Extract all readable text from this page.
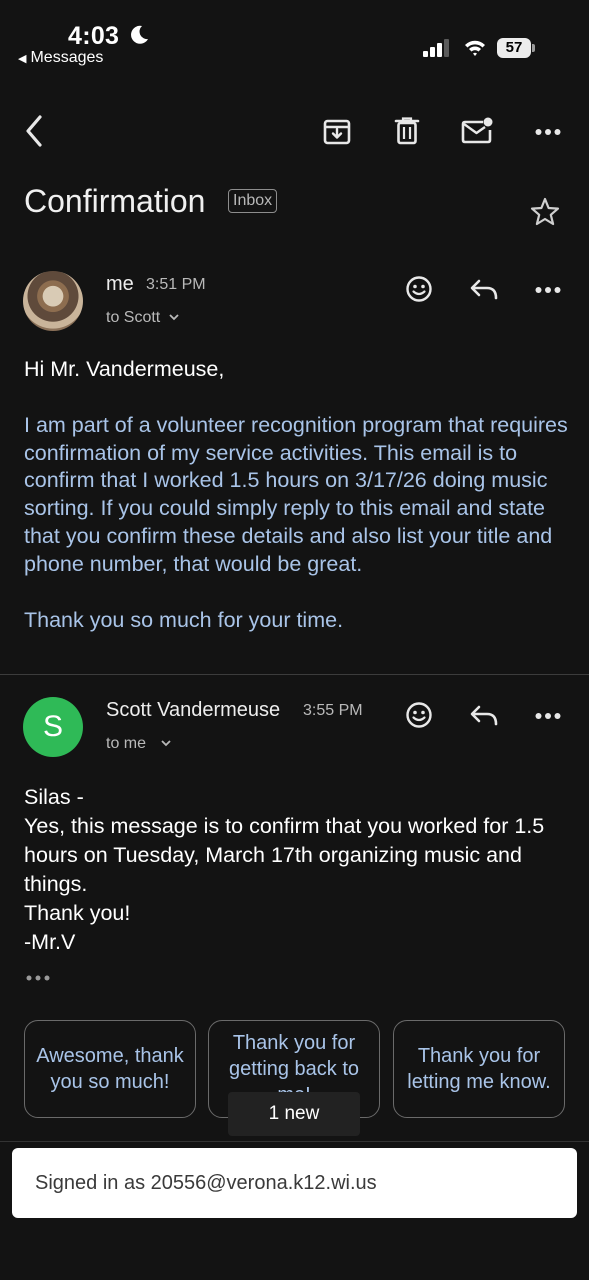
4:03
◀ Messages
57
Confirmation	Inbox
me 3:51 PM
to Scott
Hi Mr. Vandermeuse,
I am part of a volunteer recognition program that requires confirmation of my service activities. This email is to confirm that I worked 1.5 hours on 3/17/26 doing music sorting. If you could simply reply to this email and state that you confirm these details and also list your title and phone number, that would be great.
Thank you so much for your time.
S	Scott Vandermeuse 3:55 PM
to me
Silas -
Yes, this message is to confirm that you worked for 1.5 hours on Tuesday, March 17th organizing music and things.
Thank you!
-Mr.V
Awesome, thank you so much!
Thank you for getting back to
Thank you for letting me know.
1 new
Signed in as 20556@verona.k12.wi.us
